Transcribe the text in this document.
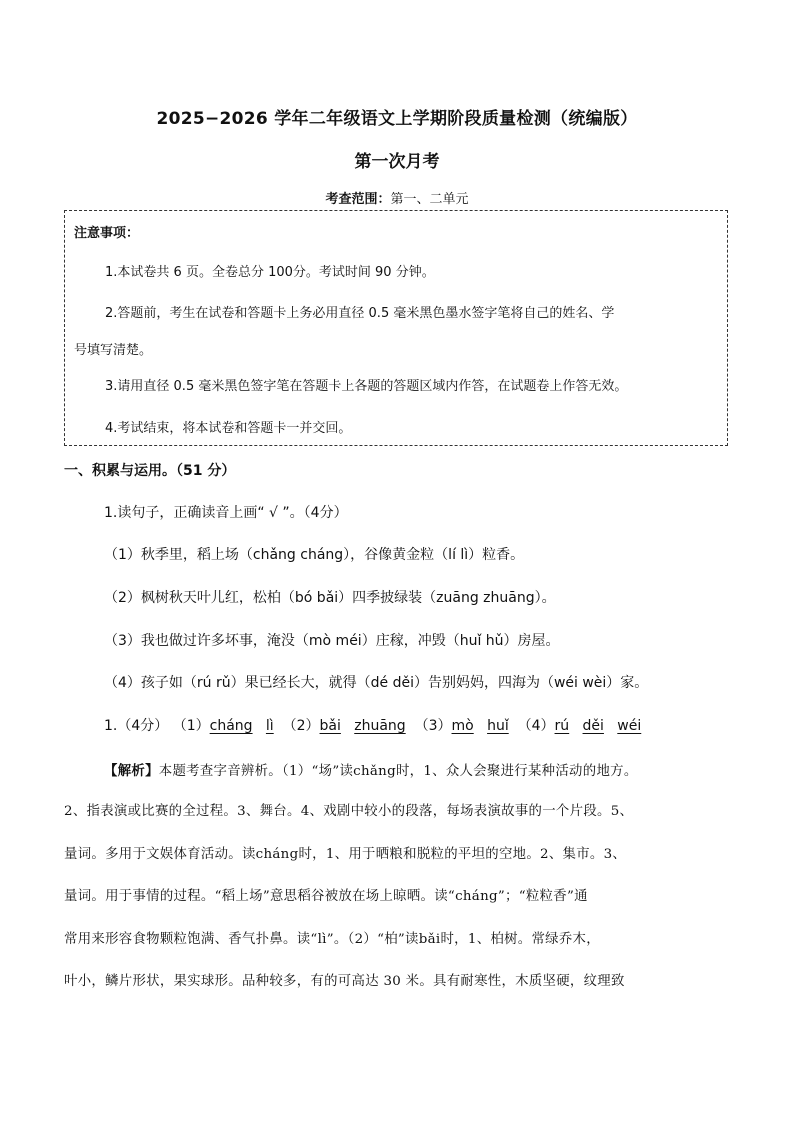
2025−2026 学年二年级语文上学期阶段质量检测（统编版）
第一次月考
考查范围：第一、二单元
注意事项：
1.本试卷共 6 页。全卷总分 100分。考试时间 90 分钟。
2.答题前，考生在试卷和答题卡上务必用直径 0.5 毫米黑色墨水签字笔将自己的姓名、学
号填写清楚。
3.请用直径 0.5 毫米黑色签字笔在答题卡上各题的答题区域内作答，在试题卷上作答无效。
4.考试结束，将本试卷和答题卡一并交回。
一、积累与运用。（51 分）
1.读句子，正确读音上画“ √ ”。（4分）
（1）秋季里，稻上场（chǎng cháng），谷像黄金粒（lí lì）粒香。
（2）枫树秋天叶儿红，松柏（bó bǎi）四季披绿装（zuāng zhuāng）。
（3）我也做过许多坏事，淹没（mò méi）庄稼，冲毁（huǐ hǔ）房屋。
（4）孩子如（rú rǔ）果已经长大，就得（dé děi）告别妈妈，四海为（wéi wèi）家。
1.（4分） （1）cháng lì （2）bǎi zhuāng （3）mò huǐ （4）rú děi wéi
【解析】本题考查字音辨析。（1）“场”读chǎng时，1、众人会聚进行某种活动的地方。
2、指表演或比赛的全过程。3、舞台。4、戏剧中较小的段落，每场表演故事的一个片段。5、
量词。多用于文娱体育活动。读cháng时，1、用于晒粮和脱粒的平坦的空地。2、集市。3、
量词。用于事情的过程。“稻上场”意思稻谷被放在场上晾晒。读“cháng”；“粒粒香”通
常用来形容食物颗粒饱满、香气扑鼻。读“lì”。（2）“柏”读bǎi时，1、柏树。常绿乔木，
叶小，鳞片形状，果实球形。品种较多，有的可高达 30 米。具有耐寒性，木质坚硬，纹理致
